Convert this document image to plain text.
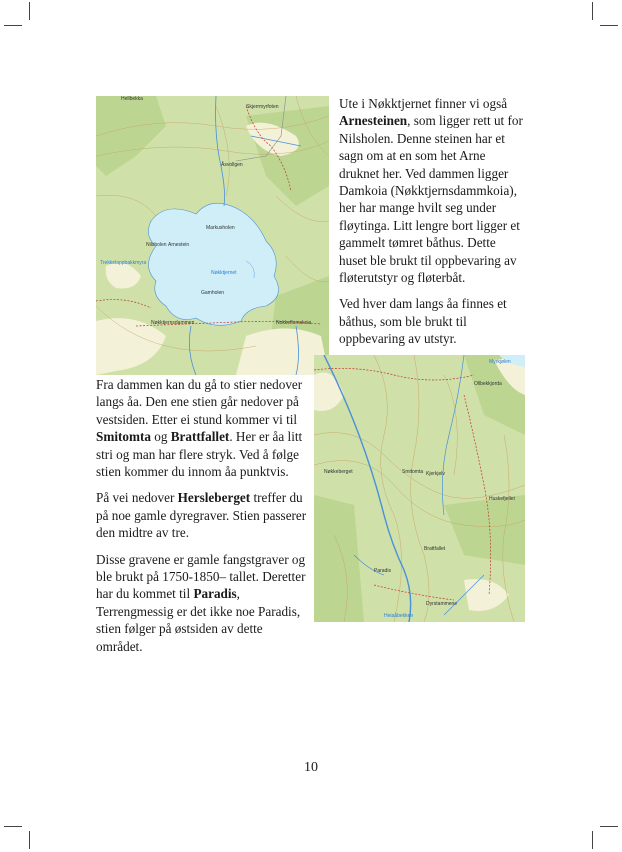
Hellbekka
Nilsholen Arnestein
Markusholen
Gamholen
Nøkktjernsdammen	Nokkeflomskoia
Åsvollgen
Skjerrmyrfoten
Nøkktjernet
Trekkelappbakkmyra
Nøkkeberget	Smitomta Kjerkjelv
Paradis
Brattfallet
Dyrstammene
Huskefjellet
Ollbekkjorda
Myrkjølen
Heiaåbekken

Ute i Nøkktjernet finner vi også Arnesteinen, som ligger rett ut for Nilsholen. Denne steinen har et sagn om at en som het Arne druknet her. Ved dammen ligger Damkoia (Nøkktjernsdammkoia), her har mange hvilt seg under fløytinga. Litt lengre bort ligger et gammelt tømret båthus. Dette huset ble brukt til oppbevaring av fløterutstyr og fløterbåt.

Ved hver dam langs åa finnes et båthus, som ble brukt til oppbevaring av utstyr.

Fra dammen kan du gå to stier nedover langs åa. Den ene stien går nedover på vestsiden. Etter ei stund kommer vi til Smitomta og Brattfallet. Her er åa litt stri og man har flere stryk. Ved å følge stien kommer du innom åa punktvis.

På vei nedover Hersleberget treffer du på noe gamle dyregraver. Stien passerer den midtre av tre.

Disse gravene er gamle fangstgraver og ble brukt på 1750-1850– tallet. Deretter har du kommet til Paradis, Terrengmessig er det ikke noe Paradis, stien følger på østsiden av dette området.

10
